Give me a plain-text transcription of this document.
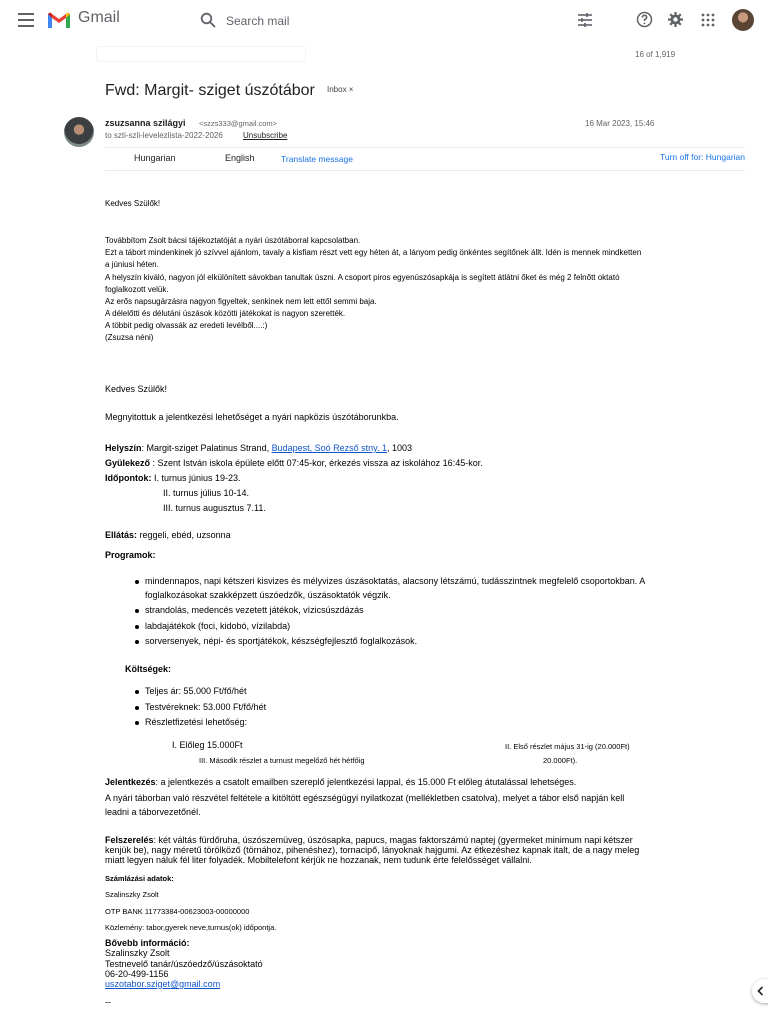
Gmail
Search mail
16 of 1,919
Fwd: Margit- sziget úszótábor Inbox ×
zsuzsanna szilágyi <szzs333@gmail.com>
to szti-szli-levelezlista-2022-2026	Unsubscribe
16 Mar 2023, 15:46
Hungarian	English	Translate message	Turn off for: Hungarian
Kedves Szülők!
Továbbítom Zsolt bácsi tájékoztatóját a nyári úszótáborral kapcsolatban.
Ezt a tábort mindenkinek jó szívvel ajánlom, tavaly a kisfiam részt vett egy héten át, a lányom pedig önkéntes segítőnek állt. Idén is mennek mindketten
a júniusi héten.
A helyszín kiváló, nagyon jól elkülönített sávokban tanultak úszni. A csoport piros egyenúszósapkája is segített átlátni őket és még 2 felnőtt oktató
foglalkozott velük.
Az erős napsugárzásra nagyon figyeltek, senkinek nem lett ettől semmi baja.
A délelőtti és délutáni úszások közötti játékokat is nagyon szerették.
A többit pedig olvassák az eredeti levélből....:)
(Zsuzsa néni)
Kedves Szülők!
Megnyitottuk a jelentkezési lehetőséget a nyári napközis úszótáborunkba.
Helyszín: Margit-sziget Palatinus Strand, Budapest, Soó Rezső stny. 1, 1003
Gyülekező : Szent István iskola épülete előtt 07:45-kor, érkezés vissza az iskolához 16:45-kor.
Időpontok: I. turnus június 19-23.
II. turnus július 10-14.
III. turnus augusztus 7.11.
Ellátás: reggeli, ebéd, uzsonna
Programok:
mindennapos, napi kétszeri kisvizes és mélyvizes úszásoktatás, alacsony létszámú, tudásszintnek megfelelő csoportokban. A
foglalkozásokat szakképzett úszóedzők, úszásoktatók végzik.
strandolás, medencés vezetett játékok, vízicsúszdázás
labdajátékok (foci, kidobó, vízilabda)
sorversenyek, népi- és sportjátékok, készségfejlesztő foglalkozások.
Költségek:
Teljes ár: 55.000 Ft/fő/hét
Testvéreknek: 53.000 Ft/fő/hét
Részletfizetési lehetőség:
I. Előleg 15.000Ft	II. Első részlet május 31-ig (20.000Ft)
III. Második részlet a turnust megelőző hét hétfőig	20.000Ft).
Jelentkezés: a jelentkezés a csatolt emailben szereplő jelentkezési lappal, és 15.000 Ft előleg átutalással lehetséges.
A nyári táborban való részvétel feltétele a kitöltött egészségügyi nyilatkozat (mellékletben csatolva), melyet a tábor első napján kell
leadni a táborvezetőnél.
Felszerelés: két váltás fürdőruha, úszószemüveg, úszósapka, papucs, magas faktorszámú naptej (gyermeket minimum napi kétszer
kenjük be), nagy méretű törölköző (törnához, pihenéshez), tornacipő, lányoknak hajgumi. Az étkezéshez kapnak italt, de a nagy meleg
miatt legyen náluk fél liter folyadék. Mobiltelefont kérjük ne hozzanak, nem tudunk érte felelősséget vállalni.
Számlázási adatok:
Szalinszky Zsolt
OTP BANK 11773384-00623003-00000000
Közlemény: tabor,gyerek neve,turnus(ok) időpontja.
Bővebb információ:
Szalinszky Zsolt
Testnevelő tanár/úszóedző/úszásoktató
06-20-499-1156
uszotabor.sziget@gmail.com
--
